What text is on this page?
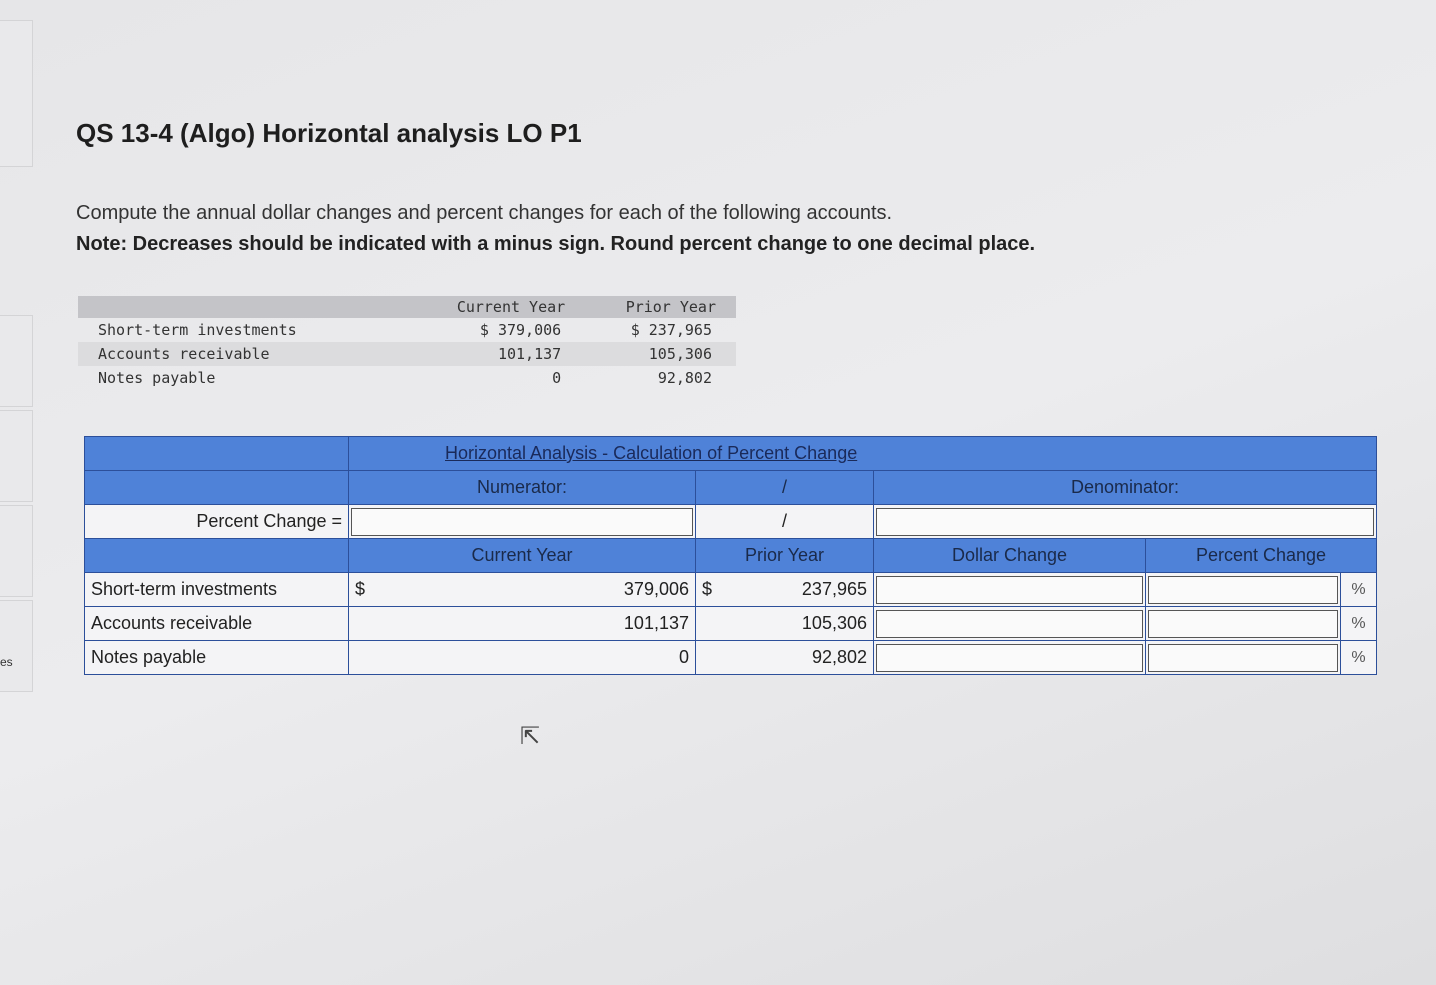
es
QS 13-4 (Algo) Horizontal analysis LO P1
Compute the annual dollar changes and percent changes for each of the following accounts.
Note: Decreases should be indicated with a minus sign. Round percent change to one decimal place.
	Current Year	Prior Year
Short-term investments	$ 379,006	$ 237,965
Accounts receivable	101,137	105,306
Notes payable	0	92,802
	Horizontal Analysis - Calculation of Percent Change				
	Numerator:	/	Denominator:		
Percent Change =		/	

	Current Year	Prior Year	Dollar Change	Percent Change	
Short-term investments	$ 379,006	$ 237,965			%
Accounts receivable	101,137	105,306			%
Notes payable	0	92,802			%
⇱
